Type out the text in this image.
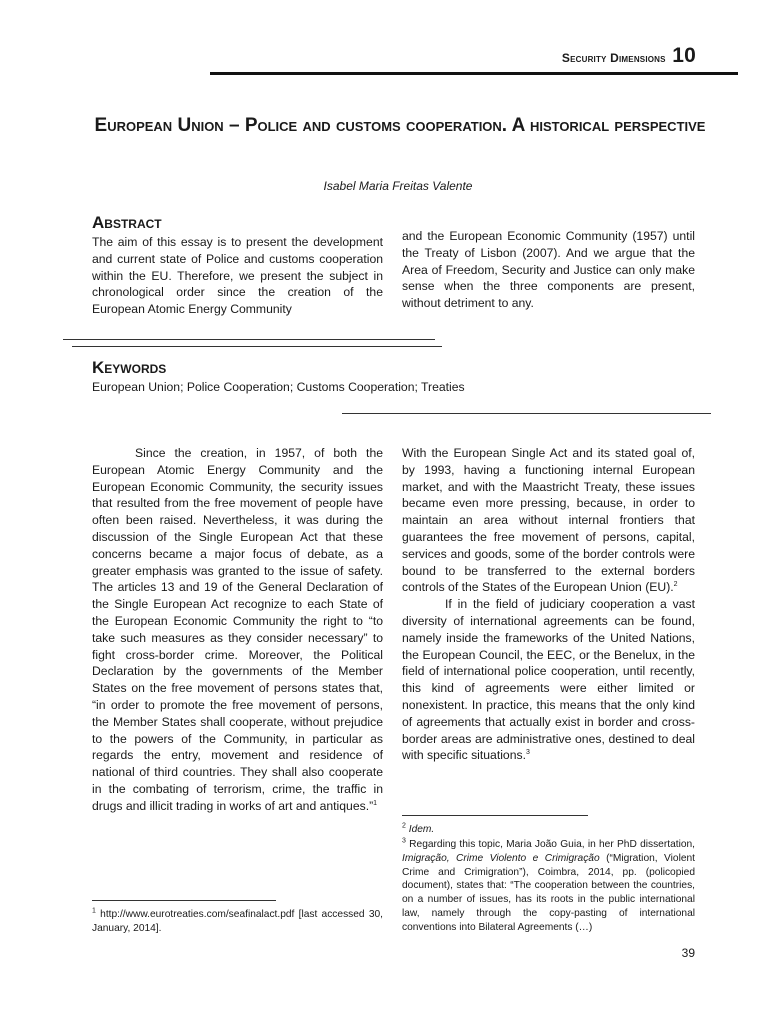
Security Dimensions 10
European Union – Police and customs cooperation. A historical perspective
Isabel Maria Freitas Valente
Abstract
The aim of this essay is to present the development and current state of Police and customs cooperation within the EU. Therefore, we present the subject in chronological order since the creation of the European Atomic Energy Community
and the European Economic Community (1957) until the Treaty of Lisbon (2007). And we argue that the Area of Freedom, Security and Justice can only make sense when the three components are present, without detriment to any.
Keywords
European Union; Police Cooperation; Customs Cooperation; Treaties

Since the creation, in 1957, of both the European Atomic Energy Community and the European Economic Community, the security issues that resulted from the free movement of people have often been raised. Nevertheless, it was during the discussion of the Single European Act that these concerns became a major focus of debate, as a greater emphasis was granted to the issue of safety. The articles 13 and 19 of the General Declaration of the Single European Act recognize to each State of the European Economic Community the right to “to take such measures as they consider necessary” to fight cross-border crime. Moreover, the Political Declaration by the governments of the Member States on the free movement of persons states that, “in order to promote the free movement of persons, the Member States shall cooperate, without prejudice to the powers of the Community, in particular as regards the entry, movement and residence of national of third countries. They shall also cooperate in the combating of terrorism, crime, the traffic in drugs and illicit trading in works of art and antiques.”$^1$

With the European Single Act and its stated goal of, by 1993, having a functioning internal European market, and with the Maastricht Treaty, these issues became even more pressing, because, in order to maintain an area without internal frontiers that guarantees the free movement of persons, capital, services and goods, some of the border controls were bound to be transferred to the external borders controls of the States of the European Union (EU).$^2$

If in the field of judiciary cooperation a vast diversity of international agreements can be found, namely inside the frameworks of the United Nations, the European Council, the EEC, or the Benelux, in the field of international police cooperation, until recently, this kind of agreements were either limited or nonexistent. In practice, this means that the only kind of agreements that actually exist in border and cross-border areas are administrative ones, destined to deal with specific situations.$^3$

$^1$ http://www.eurotreaties.com/seafinalact.pdf [last accessed 30, January, 2014].
$^2$ Idem.
$^3$ Regarding this topic, Maria João Guia, in her PhD dissertation, Imigração, Crime Violento e Crimigração (“Migration, Violent Crime and Crimigration”), Coimbra, 2014, pp. (policopied document), states that: “The cooperation between the countries, on a number of issues, has its roots in the public international law, namely through the copy-pasting of international conventions into Bilateral Agreements (…)
39
